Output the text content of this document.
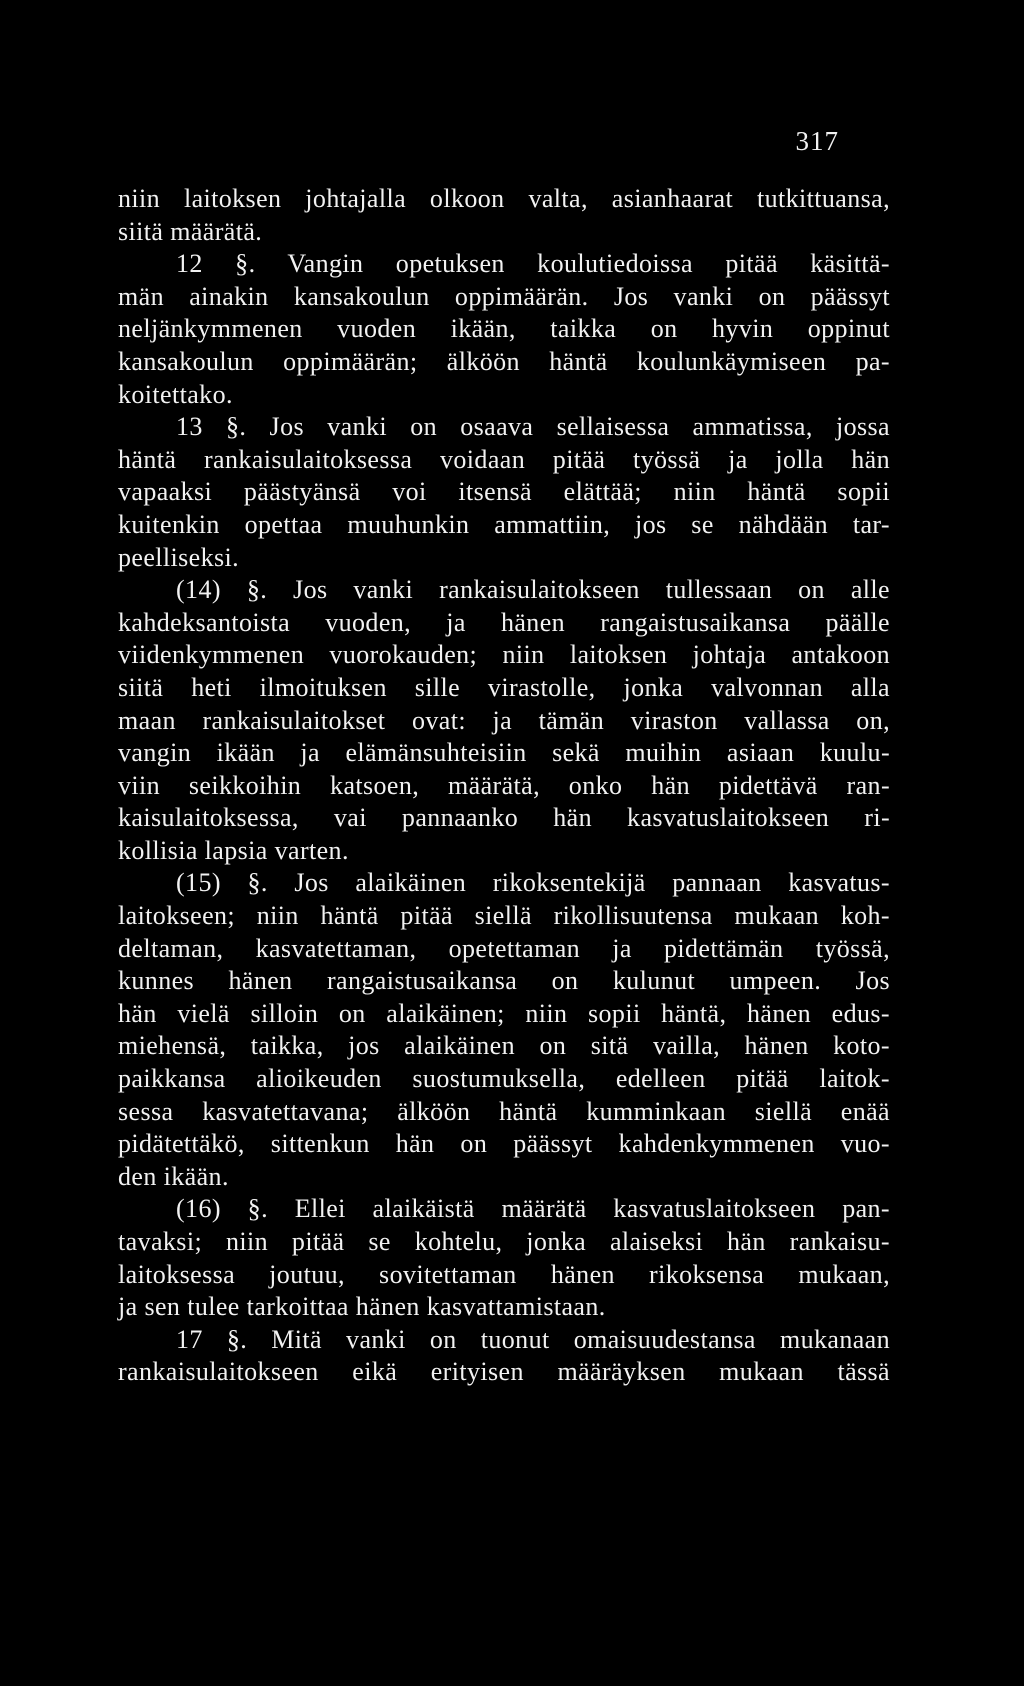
317
niin laitoksen johtajalla olkoon valta, asianhaarat tutkittuansa,
siitä määrätä.
12 §. Vangin opetuksen koulutiedoissa pitää käsittä-
män ainakin kansakoulun oppimäärän. Jos vanki on päässyt
neljänkymmenen vuoden ikään, taikka on hyvin oppinut
kansakoulun oppimäärän; älköön häntä koulunkäymiseen pa-
koitettako.
13 §. Jos vanki on osaava sellaisessa ammatissa, jossa
häntä rankaisulaitoksessa voidaan pitää työssä ja jolla hän
vapaaksi päästyänsä voi itsensä elättää; niin häntä sopii
kuitenkin opettaa muuhunkin ammattiin, jos se nähdään tar-
peelliseksi.
(14) §. Jos vanki rankaisulaitokseen tullessaan on alle
kahdeksantoista vuoden, ja hänen rangaistusaikansa päälle
viidenkymmenen vuorokauden; niin laitoksen johtaja antakoon
siitä heti ilmoituksen sille virastolle, jonka valvonnan alla
maan rankaisulaitokset ovat: ja tämän viraston vallassa on,
vangin ikään ja elämänsuhteisiin sekä muihin asiaan kuulu-
viin seikkoihin katsoen, määrätä, onko hän pidettävä ran-
kaisulaitoksessa, vai pannaanko hän kasvatuslaitokseen ri-
kollisia lapsia varten.
(15) §. Jos alaikäinen rikoksentekijä pannaan kasvatus-
laitokseen; niin häntä pitää siellä rikollisuutensa mukaan koh-
deltaman, kasvatettaman, opetettaman ja pidettämän työssä,
kunnes hänen rangaistusaikansa on kulunut umpeen. Jos
hän vielä silloin on alaikäinen; niin sopii häntä, hänen edus-
miehensä, taikka, jos alaikäinen on sitä vailla, hänen koto-
paikkansa alioikeuden suostumuksella, edelleen pitää laitok-
sessa kasvatettavana; älköön häntä kumminkaan siellä enää
pidätettäkö, sittenkun hän on päässyt kahdenkymmenen vuo-
den ikään.
(16) §. Ellei alaikäistä määrätä kasvatuslaitokseen pan-
tavaksi; niin pitää se kohtelu, jonka alaiseksi hän rankaisu-
laitoksessa joutuu, sovitettaman hänen rikoksensa mukaan,
ja sen tulee tarkoittaa hänen kasvattamistaan.
17 §. Mitä vanki on tuonut omaisuudestansa mukanaan
rankaisulaitokseen eikä erityisen määräyksen mukaan tässä
